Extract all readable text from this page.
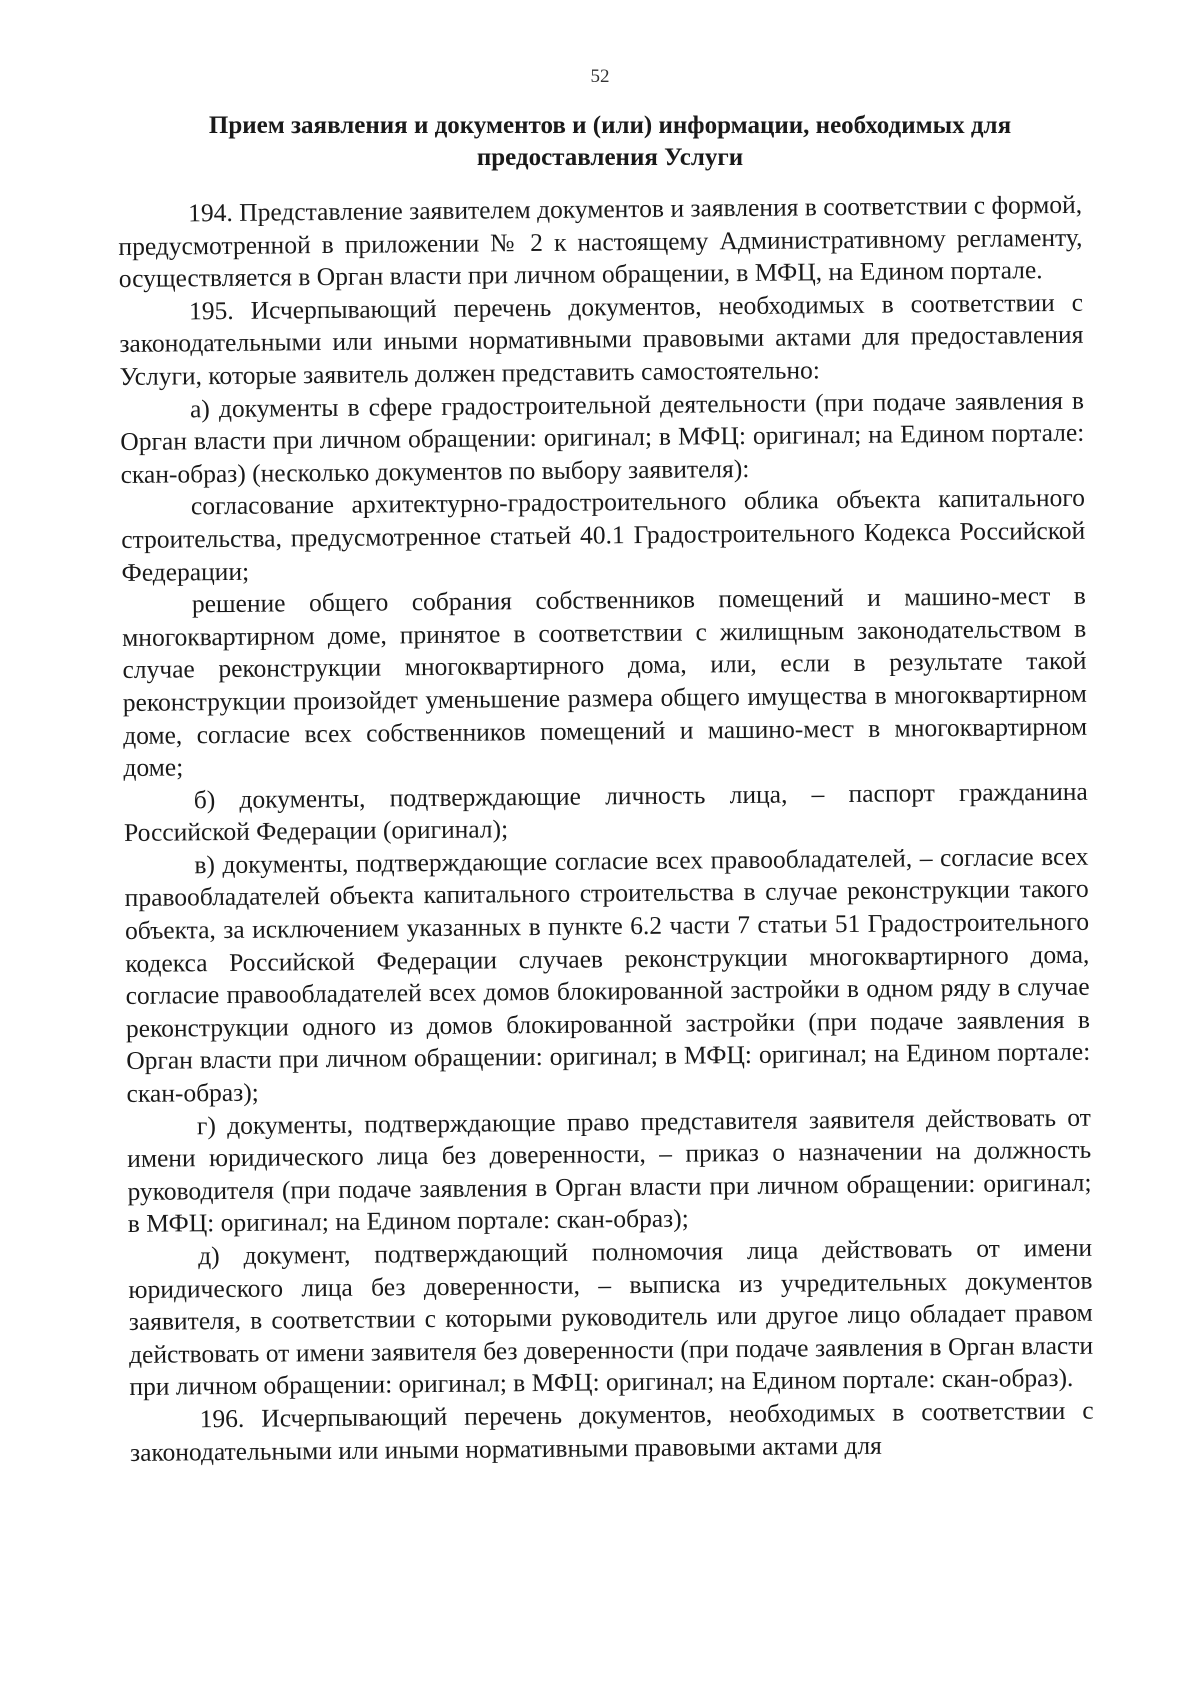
52
Прием заявления и документов и (или) информации, необходимых для предоставления Услуги

194. Представление заявителем документов и заявления в соответствии с формой, предусмотренной в приложении № 2 к настоящему Административному регламенту, осуществляется в Орган власти при личном обращении, в МФЦ, на Едином портале.

195. Исчерпывающий перечень документов, необходимых в соответствии с законодательными или иными нормативными правовыми актами для предоставления Услуги, которые заявитель должен представить самостоятельно:

а) документы в сфере градостроительной деятельности (при подаче заявления в Орган власти при личном обращении: оригинал; в МФЦ: оригинал; на Едином портале: скан-образ) (несколько документов по выбору заявителя):

согласование архитектурно-градостроительного облика объекта капитального строительства, предусмотренное статьей 40.1 Градостроительного Кодекса Российской Федерации;

решение общего собрания собственников помещений и машино-мест в многоквартирном доме, принятое в соответствии с жилищным законодательством в случае реконструкции многоквартирного дома, или, если в результате такой реконструкции произойдет уменьшение размера общего имущества в многоквартирном доме, согласие всех собственников помещений и машино-мест в многоквартирном доме;

б) документы, подтверждающие личность лица, – паспорт гражданина Российской Федерации (оригинал);

в) документы, подтверждающие согласие всех правообладателей, – согласие всех правообладателей объекта капитального строительства в случае реконструкции такого объекта, за исключением указанных в пункте 6.2 части 7 статьи 51 Градостроительного кодекса Российской Федерации случаев реконструкции многоквартирного дома, согласие правообладателей всех домов блокированной застройки в одном ряду в случае реконструкции одного из домов блокированной застройки (при подаче заявления в Орган власти при личном обращении: оригинал; в МФЦ: оригинал; на Едином портале: скан-образ);

г) документы, подтверждающие право представителя заявителя действовать от имени юридического лица без доверенности, – приказ о назначении на должность руководителя (при подаче заявления в Орган власти при личном обращении: оригинал; в МФЦ: оригинал; на Едином портале: скан-образ);

д) документ, подтверждающий полномочия лица действовать от имени юридического лица без доверенности, – выписка из учредительных документов заявителя, в соответствии с которыми руководитель или другое лицо обладает правом действовать от имени заявителя без доверенности (при подаче заявления в Орган власти при личном обращении: оригинал; в МФЦ: оригинал; на Едином портале: скан-образ).

196. Исчерпывающий перечень документов, необходимых в соответствии с законодательными или иными нормативными правовыми актами для
